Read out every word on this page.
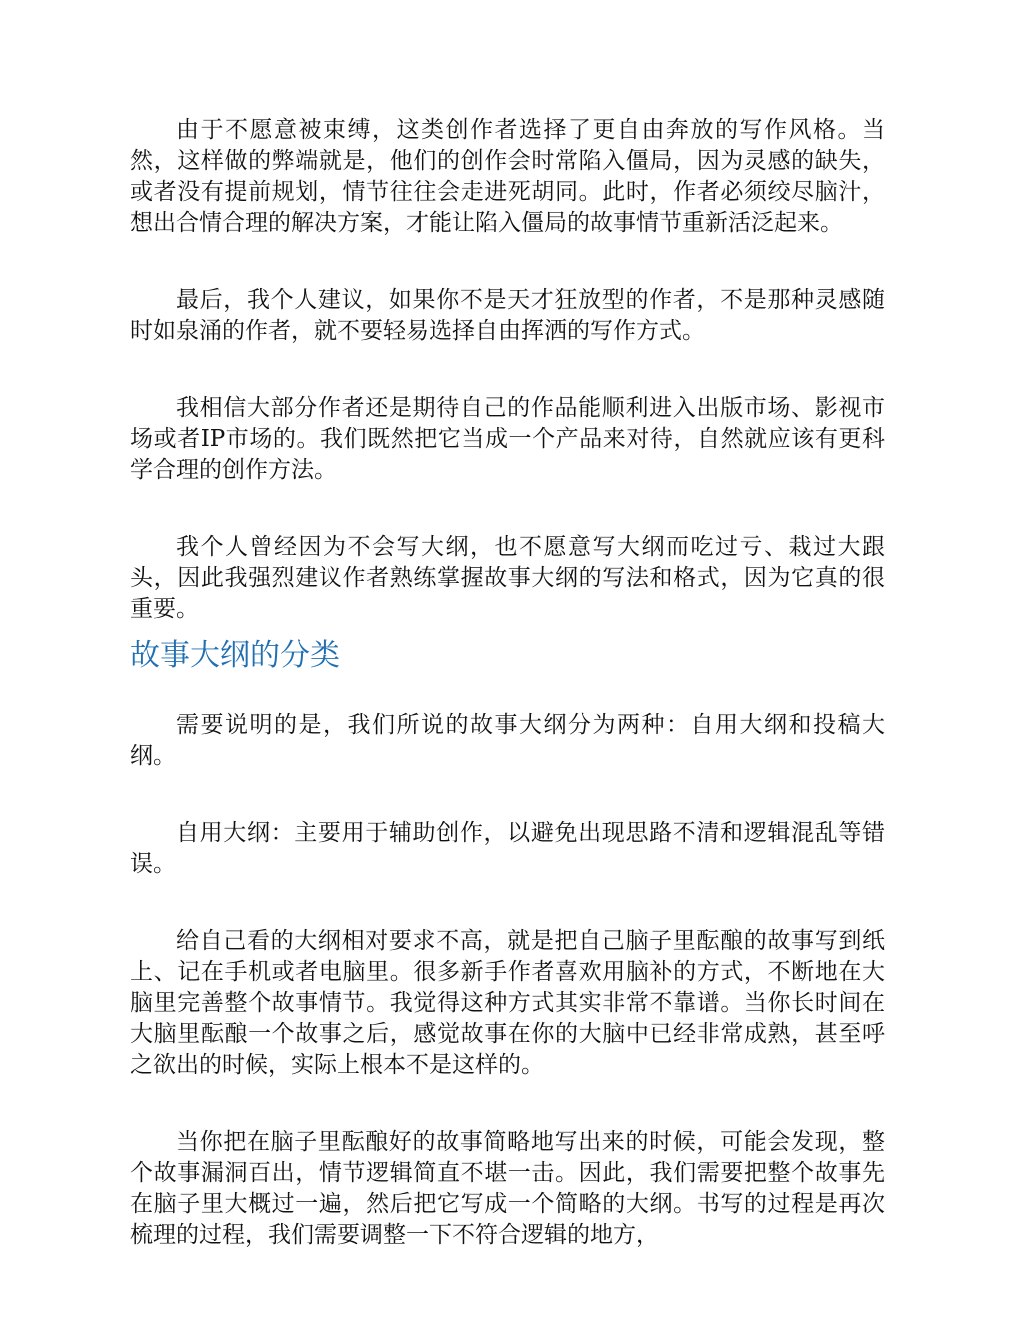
由于不愿意被束缚，这类创作者选择了更自由奔放的写作风格。当然，这样做的弊端就是，他们的创作会时常陷入僵局，因为灵感的缺失，或者没有提前规划，情节往往会走进死胡同。此时，作者必须绞尽脑汁，想出合情合理的解决方案，才能让陷入僵局的故事情节重新活泛起来。

最后，我个人建议，如果你不是天才狂放型的作者，不是那种灵感随时如泉涌的作者，就不要轻易选择自由挥洒的写作方式。

我相信大部分作者还是期待自己的作品能顺利进入出版市场、影视市场或者IP市场的。我们既然把它当成一个产品来对待，自然就应该有更科学合理的创作方法。

我个人曾经因为不会写大纲，也不愿意写大纲而吃过亏、栽过大跟头，因此我强烈建议作者熟练掌握故事大纲的写法和格式，因为它真的很重要。

故事大纲的分类

需要说明的是，我们所说的故事大纲分为两种：自用大纲和投稿大纲。

自用大纲：主要用于辅助创作，以避免出现思路不清和逻辑混乱等错误。

给自己看的大纲相对要求不高，就是把自己脑子里酝酿的故事写到纸上、记在手机或者电脑里。很多新手作者喜欢用脑补的方式，不断地在大脑里完善整个故事情节。我觉得这种方式其实非常不靠谱。当你长时间在大脑里酝酿一个故事之后，感觉故事在你的大脑中已经非常成熟，甚至呼之欲出的时候，实际上根本不是这样的。

当你把在脑子里酝酿好的故事简略地写出来的时候，可能会发现，整个故事漏洞百出，情节逻辑简直不堪一击。因此，我们需要把整个故事先在脑子里大概过一遍，然后把它写成一个简略的大纲。书写的过程是再次梳理的过程，我们需要调整一下不符合逻辑的地方，
